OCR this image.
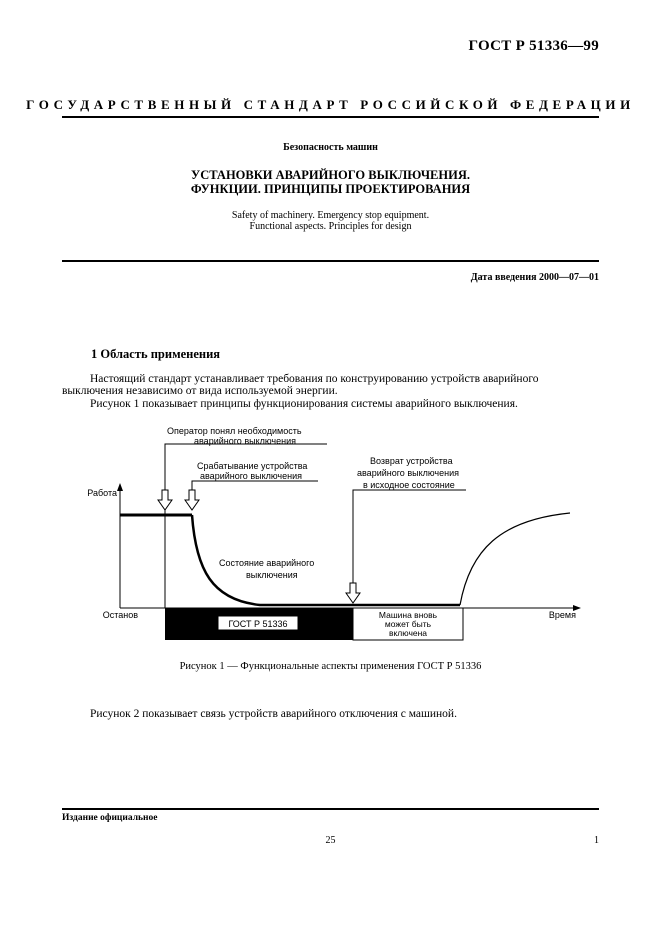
ГОСТ Р 51336—99
ГОСУДАРСТВЕННЫЙ СТАНДАРТ РОССИЙСКОЙ ФЕДЕРАЦИИ
Безопасность машин
УСТАНОВКИ АВАРИЙНОГО ВЫКЛЮЧЕНИЯ.
ФУНКЦИИ. ПРИНЦИПЫ ПРОЕКТИРОВАНИЯ
Safety of machinery. Emergency stop equipment.
Functional aspects. Principles for design
Дата введения 2000—07—01
1 Область применения
Настоящий стандарт устанавливает требования по конструированию устройств аварийного
выключения независимо от вида используемой энергии.
Рисунок 1 показывает принципы функционирования системы аварийного выключения.
Оператор понял необходимость
аварийного выключения
Срабатывание устройства
аварийного выключения
Возврат устройства
аварийного выключения
в исходное состояние
Состояние аварийного
выключения
Работа
Останов	Время
ГОСТ Р 51336
Машина вновь
может быть
включена
Рисунок 1 — Функциональные аспекты применения ГОСТ Р 51336
Рисунок 2 показывает связь устройств аварийного отключения с машиной.
Издание официальное
25	1
